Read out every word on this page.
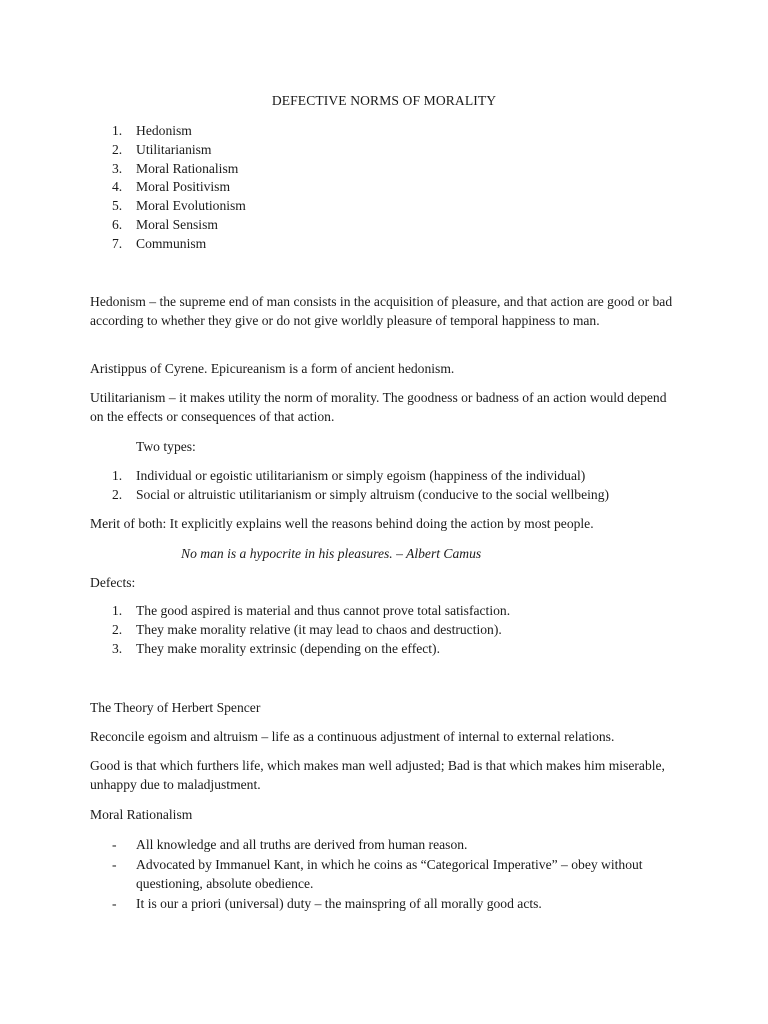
DEFECTIVE NORMS OF MORALITY
1.	Hedonism
2.	Utilitarianism
3.	Moral Rationalism
4.	Moral Positivism
5.	Moral Evolutionism
6.	Moral Sensism
7.	Communism
Hedonism – the supreme end of man consists in the acquisition of pleasure, and that action are good or bad according to whether they give or do not give worldly pleasure of temporal happiness to man.
Aristippus of Cyrene. Epicureanism is a form of ancient hedonism.
Utilitarianism – it makes utility the norm of morality. The goodness or badness of an action would depend on the effects or consequences of that action.
Two types:
1.	Individual or egoistic utilitarianism or simply egoism (happiness of the individual)
2.	Social or altruistic utilitarianism or simply altruism (conducive to the social wellbeing)
Merit of both: It explicitly explains well the reasons behind doing the action by most people.
No man is a hypocrite in his pleasures. – Albert Camus
Defects:
1.	The good aspired is material and thus cannot prove total satisfaction.
2.	They make morality relative (it may lead to chaos and destruction).
3.	They make morality extrinsic (depending on the effect).
The Theory of Herbert Spencer
Reconcile egoism and altruism – life as a continuous adjustment of internal to external relations.
Good is that which furthers life, which makes man well adjusted; Bad is that which makes him miserable, unhappy due to maladjustment.
Moral Rationalism
-	All knowledge and all truths are derived from human reason.
-	Advocated by Immanuel Kant, in which he coins as “Categorical Imperative” – obey without questioning, absolute obedience.
-	It is our a priori (universal) duty – the mainspring of all morally good acts.
